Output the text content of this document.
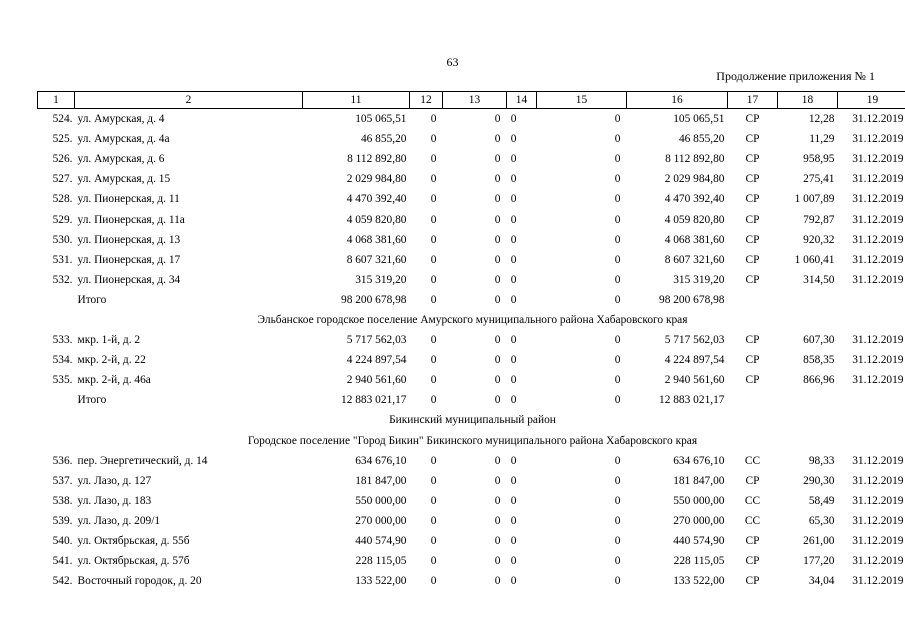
63
Продолжение приложения № 1
1	2	11	12	13	14	15	16	17	18	19
524.	ул. Амурская, д. 4	105 065,51	0	0	0	0	105 065,51	СР	12,28	31.12.2019
525.	ул. Амурская, д. 4а	46 855,20	0	0	0	0	46 855,20	СР	11,29	31.12.2019
526.	ул. Амурская, д. 6	8 112 892,80	0	0	0	0	8 112 892,80	СР	958,95	31.12.2019
527.	ул. Амурская, д. 15	2 029 984,80	0	0	0	0	2 029 984,80	СР	275,41	31.12.2019
528.	ул. Пионерская, д. 11	4 470 392,40	0	0	0	0	4 470 392,40	СР	1 007,89	31.12.2019
529.	ул. Пионерская, д. 11а	4 059 820,80	0	0	0	0	4 059 820,80	СР	792,87	31.12.2019
530.	ул. Пионерская, д. 13	4 068 381,60	0	0	0	0	4 068 381,60	СР	920,32	31.12.2019
531.	ул. Пионерская, д. 17	8 607 321,60	0	0	0	0	8 607 321,60	СР	1 060,41	31.12.2019
532.	ул. Пионерская, д. 34	315 319,20	0	0	0	0	315 319,20	СР	314,50	31.12.2019
	Итого	98 200 678,98	0	0	0	0	98 200 678,98			
Эльбанское городское поселение Амурского муниципального района Хабаровского края										
533.	мкр. 1-й, д. 2	5 717 562,03	0	0	0	0	5 717 562,03	СР	607,30	31.12.2019
534.	мкр. 2-й, д. 22	4 224 897,54	0	0	0	0	4 224 897,54	СР	858,35	31.12.2019
535.	мкр. 2-й, д. 46а	2 940 561,60	0	0	0	0	2 940 561,60	СР	866,96	31.12.2019
	Итого	12 883 021,17	0	0	0	0	12 883 021,17			
Бикинский муниципальный район										
Городское поселение "Город Бикин" Бикинского муниципального района Хабаровского края										
536.	пер. Энергетический, д. 14	634 676,10	0	0	0	0	634 676,10	СС	98,33	31.12.2019
537.	ул. Лазо, д. 127	181 847,00	0	0	0	0	181 847,00	СР	290,30	31.12.2019
538.	ул. Лазо, д. 183	550 000,00	0	0	0	0	550 000,00	СС	58,49	31.12.2019
539.	ул. Лазо, д. 209/1	270 000,00	0	0	0	0	270 000,00	СС	65,30	31.12.2019
540.	ул. Октябрьская, д. 55б	440 574,90	0	0	0	0	440 574,90	СР	261,00	31.12.2019
541.	ул. Октябрьская, д. 57б	228 115,05	0	0	0	0	228 115,05	СР	177,20	31.12.2019
542.	Восточный городок, д. 20	133 522,00	0	0	0	0	133 522,00	СР	34,04	31.12.2019
